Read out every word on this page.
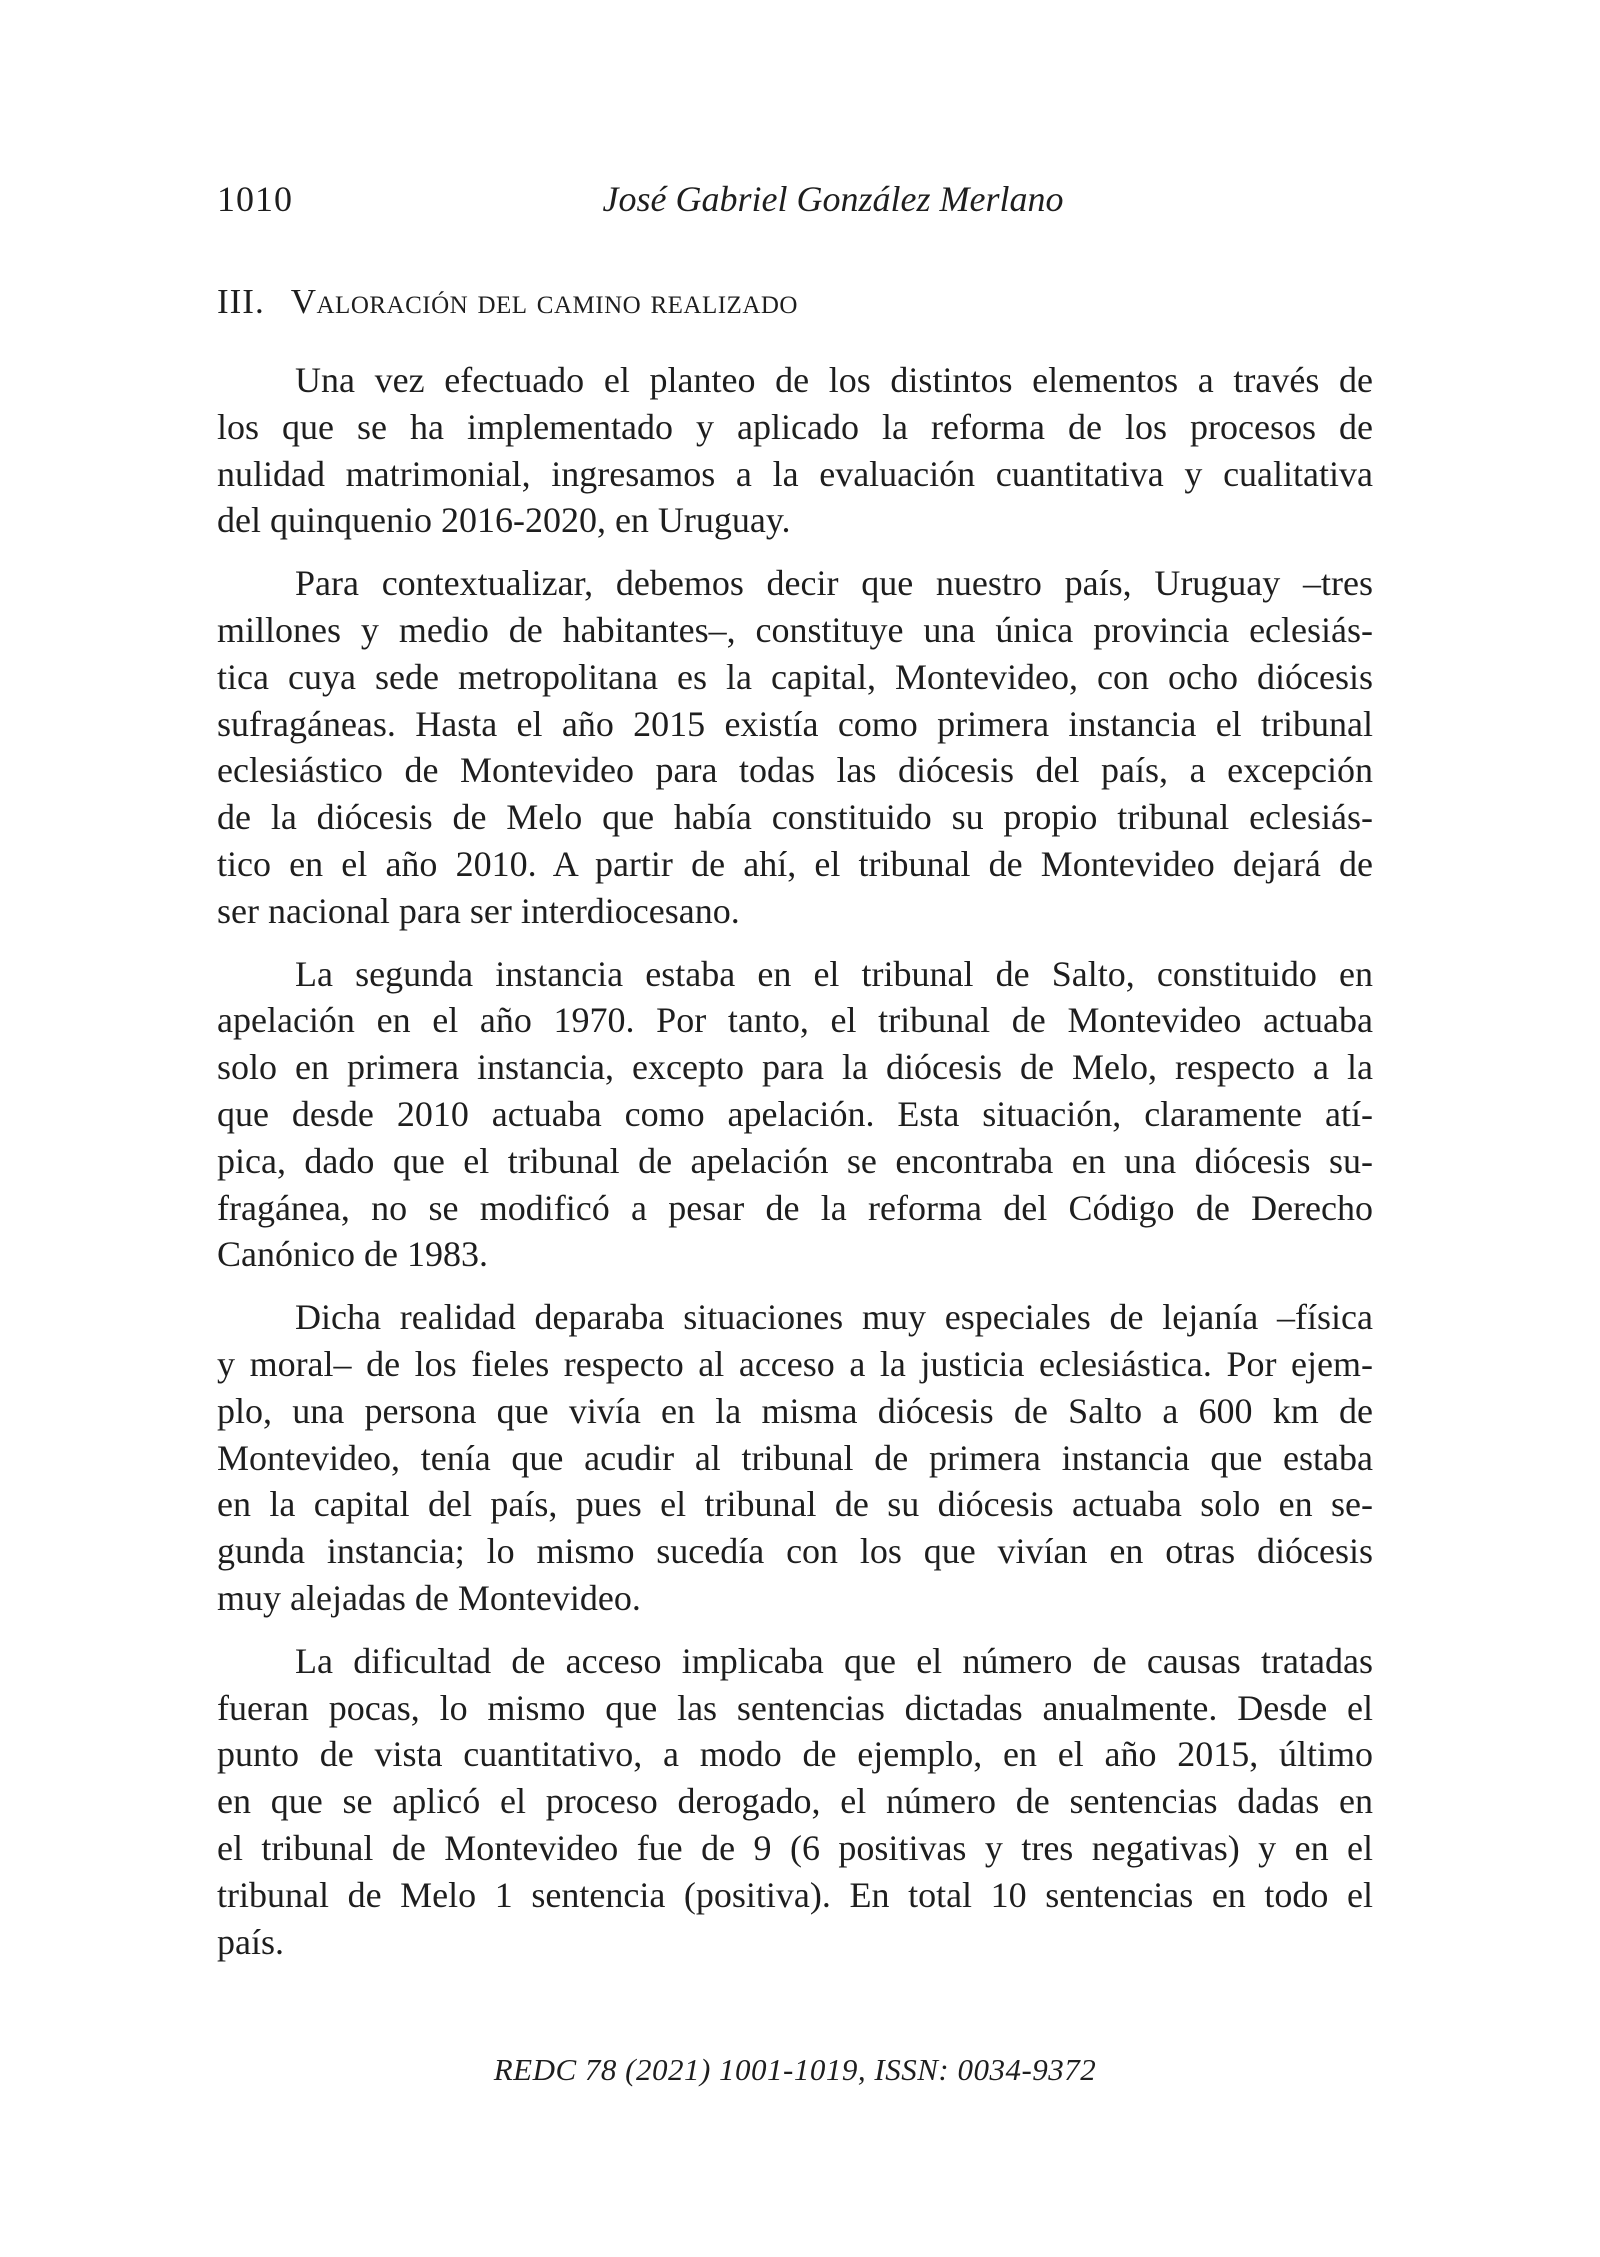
1010	José Gabriel González Merlano
III. Valoración del camino realizado
Una vez efectuado el planteo de los distintos elementos a través de
los que se ha implementado y aplicado la reforma de los procesos de
nulidad matrimonial, ingresamos a la evaluación cuantitativa y cualitativa
del quinquenio 2016-2020, en Uruguay.
Para contextualizar, debemos decir que nuestro país, Uruguay –tres
millones y medio de habitantes–, constituye una única provincia eclesiás-
tica cuya sede metropolitana es la capital, Montevideo, con ocho diócesis
sufragáneas. Hasta el año 2015 existía como primera instancia el tribunal
eclesiástico de Montevideo para todas las diócesis del país, a excepción
de la diócesis de Melo que había constituido su propio tribunal eclesiás-
tico en el año 2010. A partir de ahí, el tribunal de Montevideo dejará de
ser nacional para ser interdiocesano.
La segunda instancia estaba en el tribunal de Salto, constituido en
apelación en el año 1970. Por tanto, el tribunal de Montevideo actuaba
solo en primera instancia, excepto para la diócesis de Melo, respecto a la
que desde 2010 actuaba como apelación. Esta situación, claramente atí-
pica, dado que el tribunal de apelación se encontraba en una diócesis su-
fragánea, no se modificó a pesar de la reforma del Código de Derecho
Canónico de 1983.
Dicha realidad deparaba situaciones muy especiales de lejanía –física
y moral– de los fieles respecto al acceso a la justicia eclesiástica. Por ejem-
plo, una persona que vivía en la misma diócesis de Salto a 600 km de
Montevideo, tenía que acudir al tribunal de primera instancia que estaba
en la capital del país, pues el tribunal de su diócesis actuaba solo en se-
gunda instancia; lo mismo sucedía con los que vivían en otras diócesis
muy alejadas de Montevideo.
La dificultad de acceso implicaba que el número de causas tratadas
fueran pocas, lo mismo que las sentencias dictadas anualmente. Desde el
punto de vista cuantitativo, a modo de ejemplo, en el año 2015, último
en que se aplicó el proceso derogado, el número de sentencias dadas en
el tribunal de Montevideo fue de 9 (6 positivas y tres negativas) y en el
tribunal de Melo 1 sentencia (positiva). En total 10 sentencias en todo el
país.
REDC 78 (2021) 1001-1019, ISSN: 0034-9372
